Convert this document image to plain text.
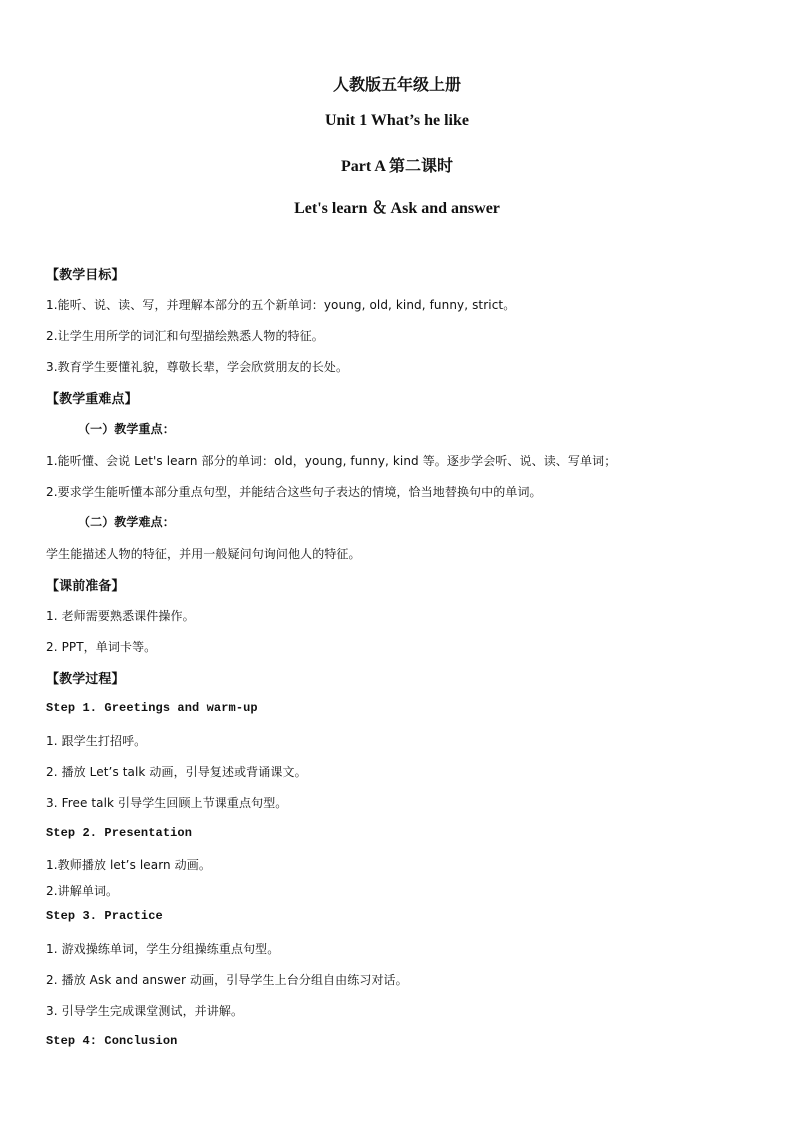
人教版五年级上册
Unit 1 What’s he like
Part A 第二课时
Let's learn ＆ Ask and answer
【教学目标】
1.能听、说、读、写，并理解本部分的五个新单词：young, old, kind, funny, strict。
2.让学生用所学的词汇和句型描绘熟悉人物的特征。
3.教育学生要懂礼貌，尊敬长辈，学会欣赏朋友的长处。
【教学重难点】
（一）教学重点：
1.能听懂、会说 Let's learn 部分的单词：old，young, funny, kind 等。逐步学会听、说、读、写单词；
2.要求学生能听懂本部分重点句型，并能结合这些句子表达的情境，恰当地替换句中的单词。
（二）教学难点：
学生能描述人物的特征，并用一般疑问句询问他人的特征。
【课前准备】
1. 老师需要熟悉课件操作。
2. PPT，单词卡等。
【教学过程】
Step 1. Greetings and warm-up
1. 跟学生打招呼。
2. 播放 Let’s talk 动画，引导复述或背诵课文。
3. Free talk 引导学生回顾上节课重点句型。
Step 2. Presentation
1.教师播放 let’s learn 动画。
2.讲解单词。
Step 3. Practice
1. 游戏操练单词，学生分组操练重点句型。
2. 播放 Ask and answer 动画，引导学生上台分组自由练习对话。
3. 引导学生完成课堂测试，并讲解。
Step 4: Conclusion
